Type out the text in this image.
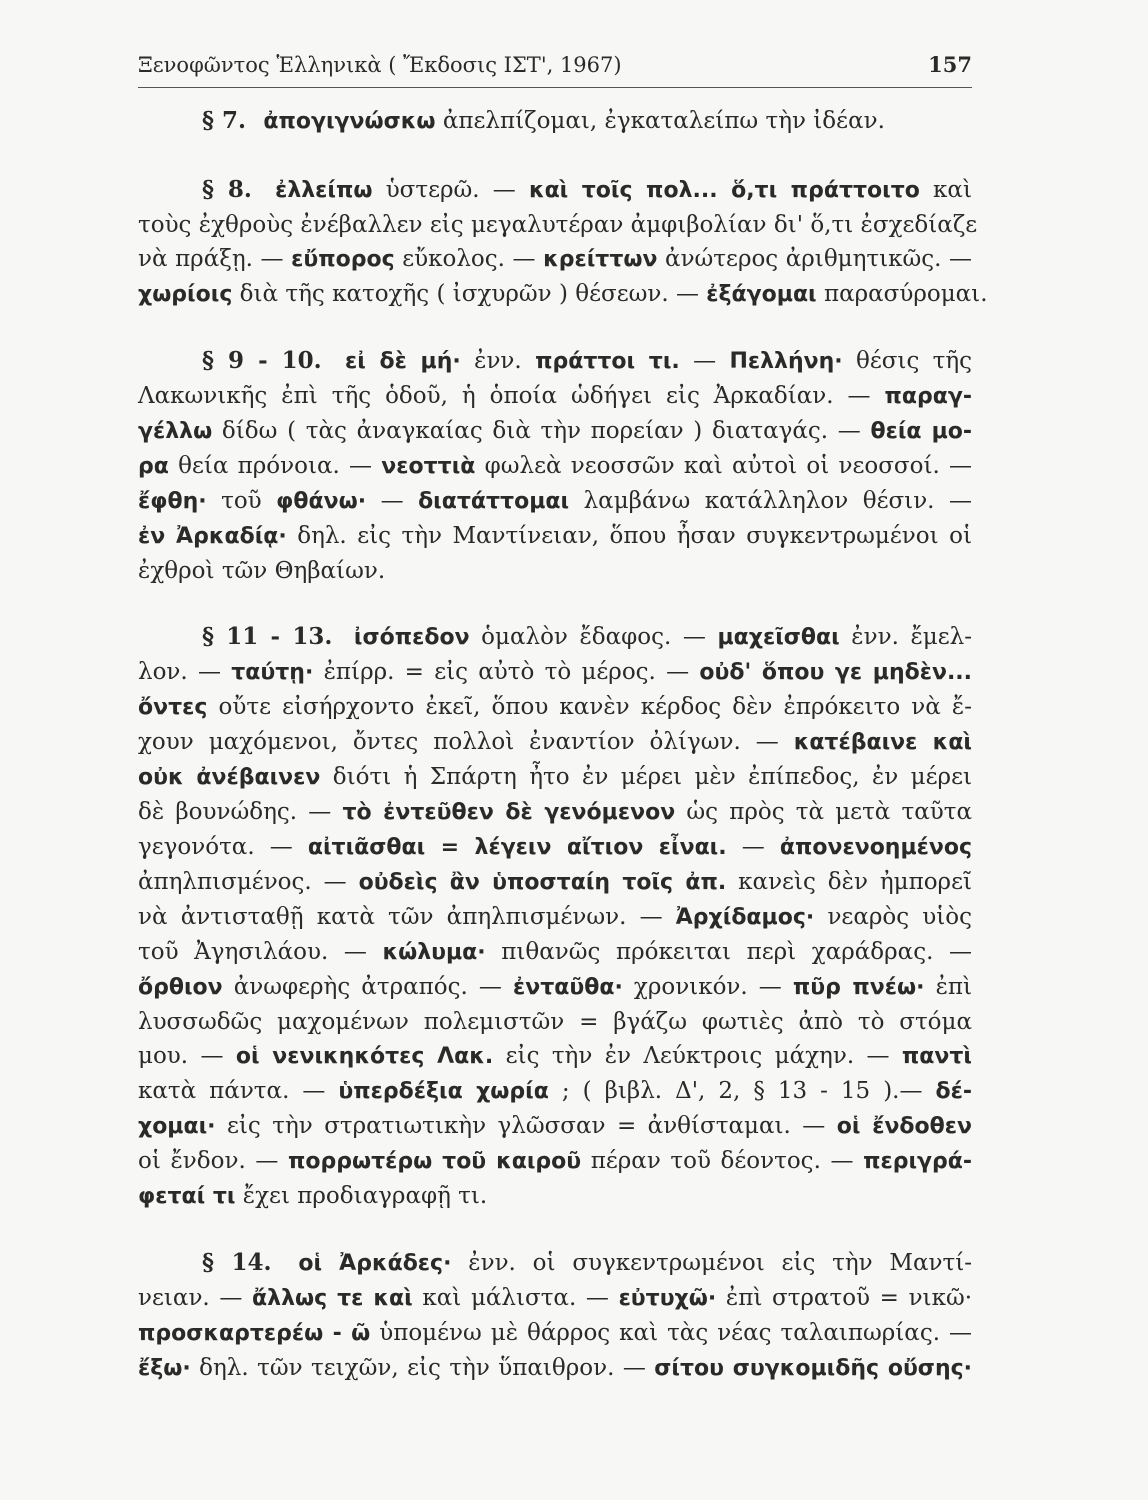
Ξενοφῶντος Ἑλληνικὰ ( Ἔκδοσις ΙΣΤ', 1967)	157
§ 7. ἀπογιγνώσκω ἀπελπίζομαι, ἐγκαταλείπω τὴν ἰδέαν.
§ 8. ἐλλείπω ὑστερῶ. — καὶ τοῖς πολ... ὅ,τι πράττοιτο καὶ
τοὺς ἐχθροὺς ἐνέβαλλεν εἰς μεγαλυτέραν ἀμφιβολίαν δι' ὅ,τι ἐσχεδίαζε
νὰ πράξῃ. — εὔπορος εὔκολος. — κρείττων ἀνώτερος ἀριθμητικῶς. —
χωρίοις διὰ τῆς κατοχῆς ( ἰσχυρῶν ) θέσεων. — ἐξάγομαι παρασύρομαι.
§ 9 - 10. εἰ δὲ μή· ἐνν. πράττοι τι. — Πελλήνη· θέσις τῆς
Λακωνικῆς ἐπὶ τῆς ὁδοῦ, ἡ ὁποία ὡδήγει εἰς Ἀρκαδίαν. — παραγ-
γέλλω δίδω ( τὰς ἀναγκαίας διὰ τὴν πορείαν ) διαταγάς. — θεία μο-
ρα θεία πρόνοια. — νεοττιὰ φωλεὰ νεοσσῶν καὶ αὐτοὶ οἱ νεοσσοί. —
ἔφθη· τοῦ φθάνω· — διατάττομαι λαμβάνω κατάλληλον θέσιν. —
ἐν Ἀρκαδίᾳ· δηλ. εἰς τὴν Μαντίνειαν, ὅπου ἦσαν συγκεντρωμένοι οἱ
ἐχθροὶ τῶν Θηβαίων.
§ 11 - 13. ἰσόπεδον ὁμαλὸν ἔδαφος. — μαχεῖσθαι ἐνν. ἔμελ-
λον. — ταύτῃ· ἐπίρρ. = εἰς αὐτὸ τὸ μέρος. — οὐδ' ὅπου γε μηδὲν...
ὄντες οὔτε εἰσήρχοντο ἐκεῖ, ὅπου κανὲν κέρδος δὲν ἐπρόκειτο νὰ ἔ-
χουν μαχόμενοι, ὄντες πολλοὶ ἐναντίον ὀλίγων. — κατέβαινε καὶ
οὐκ ἀνέβαινεν διότι ἡ Σπάρτη ἦτο ἐν μέρει μὲν ἐπίπεδος, ἐν μέρει
δὲ βουνώδης. — τὸ ἐντεῦθεν δὲ γενόμενον ὡς πρὸς τὰ μετὰ ταῦτα
γεγονότα. — αἰτιᾶσθαι = λέγειν αἴτιον εἶναι. — ἀπονενοημένος
ἀπηλπισμένος. — οὐδεὶς ἂν ὑποσταίη τοῖς ἀπ. κανεὶς δὲν ἠμπορεῖ
νὰ ἀντισταθῇ κατὰ τῶν ἀπηλπισμένων. — Ἀρχίδαμος· νεαρὸς υἱὸς
τοῦ Ἀγησιλάου. — κώλυμα· πιθανῶς πρόκειται περὶ χαράδρας. —
ὄρθιον ἀνωφερὴς ἀτραπός. — ἐνταῦθα· χρονικόν. — πῦρ πνέω· ἐπὶ
λυσσωδῶς μαχομένων πολεμιστῶν = βγάζω φωτιὲς ἀπὸ τὸ στόμα
μου. — οἱ νενικηκότες Λακ. εἰς τὴν ἐν Λεύκτροις μάχην. — παντὶ
κατὰ πάντα. — ὑπερδέξια χωρία ; ( βιβλ. Δ', 2, § 13 - 15 ).— δέ-
χομαι· εἰς τὴν στρατιωτικὴν γλῶσσαν = ἀνθίσταμαι. — οἱ ἔνδοθεν
οἱ ἔνδον. — πορρωτέρω τοῦ καιροῦ πέραν τοῦ δέοντος. — περιγρά-
φεταί τι ἔχει προδιαγραφῇ τι.
§ 14. οἱ Ἀρκάδες· ἐνν. οἱ συγκεντρωμένοι εἰς τὴν Μαντί-
νειαν. — ἄλλως τε καὶ καὶ μάλιστα. — εὐτυχῶ· ἐπὶ στρατοῦ = νικῶ·
προσκαρτερέω - ῶ ὑπομένω μὲ θάρρος καὶ τὰς νέας ταλαιπωρίας. —
ἔξω· δηλ. τῶν τειχῶν, εἰς τὴν ὕπαιθρον. — σίτου συγκομιδῆς οὔσης·
